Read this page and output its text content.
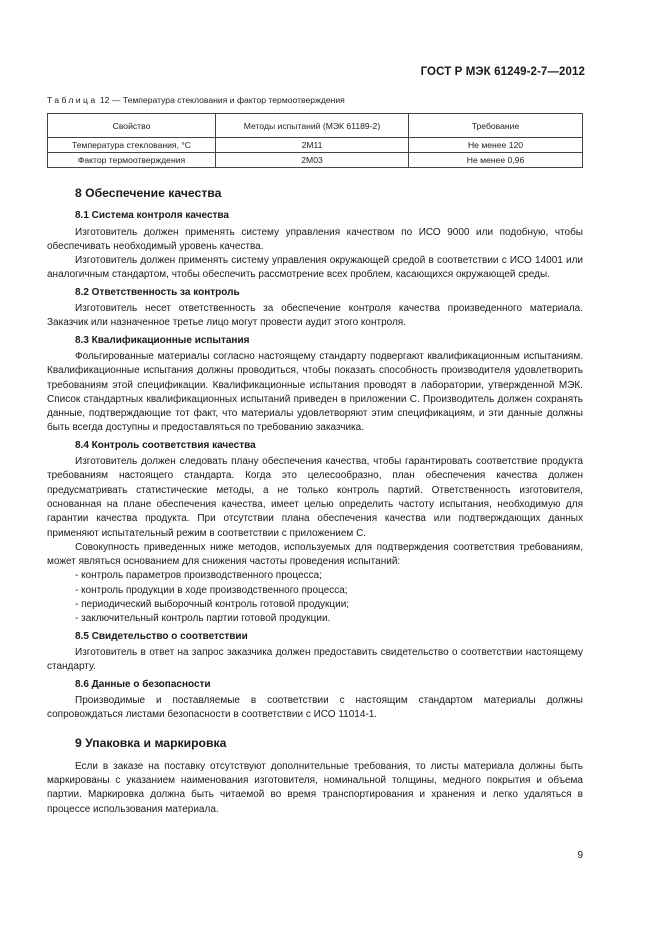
ГОСТ Р МЭК 61249-2-7—2012
Таблица 12 — Температура стеклования и фактор термоотверждения
Свойство	Методы испытаний (МЭК 61189-2)	Требование
Температура стеклования, °С	2М11	Не менее 120
Фактор термоотверждения	2М03	Не менее 0,96
8 Обеспечение качества
8.1 Система контроля качества

Изготовитель должен применять систему управления качеством по ИСО 9000 или подобную, чтобы обеспечивать необходимый уровень качества.

Изготовитель должен применять систему управления окружающей средой в соответствии с ИСО 14001 или аналогичным стандартом, чтобы обеспечить рассмотрение всех проблем, касающихся окружающей среды.

8.2 Ответственность за контроль

Изготовитель несет ответственность за обеспечение контроля качества произведенного материала. Заказчик или назначенное третье лицо могут провести аудит этого контроля.

8.3 Квалификационные испытания

Фольгированные материалы согласно настоящему стандарту подвергают квалификационным испытаниям. Квалификационные испытания должны проводиться, чтобы показать способность производителя удовлетворить требованиям этой спецификации. Квалификационные испытания проводят в лаборатории, утвержденной МЭК. Список стандартных квалификационных испытаний приведен в приложении С. Производитель должен сохранять данные, подтверждающие тот факт, что материалы удовлетворяют этим спецификациям, и эти данные должны быть всегда доступны и предоставляться по требованию заказчика.

8.4 Контроль соответствия качества

Изготовитель должен следовать плану обеспечения качества, чтобы гарантировать соответствие продукта требованиям настоящего стандарта. Когда это целесообразно, план обеспечения качества должен предусматривать статистические методы, а не только контроль партий. Ответственность изготовителя, основанная на плане обеспечения качества, имеет целью определить частоту испытания, необходимую для гарантии качества продукта. При отсутствии плана обеспечения качества или подтверждающих данных применяют испытательный режим в соответствии с приложением С.

Совокупность приведенных ниже методов, используемых для подтверждения соответствия требованиям, может являться основанием для снижения частоты проведения испытаний:

- контроль параметров производственного процесса;
- контроль продукции в ходе производственного процесса;
- периодический выборочный контроль готовой продукции;
- заключительный контроль партии готовой продукции.
8.5 Свидетельство о соответствии

Изготовитель в ответ на запрос заказчика должен предоставить свидетельство о соответствии настоящему стандарту.

8.6 Данные о безопасности

Производимые и поставляемые в соответствии с настоящим стандартом материалы должны сопровождаться листами безопасности в соответствии с ИСО 11014-1.

9 Упаковка и маркировка

Если в заказе на поставку отсутствуют дополнительные требования, то листы материала должны быть маркированы с указанием наименования изготовителя, номинальной толщины, медного покрытия и объема партии. Маркировка должна быть читаемой во время транспортирования и хранения и легко удаляться в процессе использования материала.

9
